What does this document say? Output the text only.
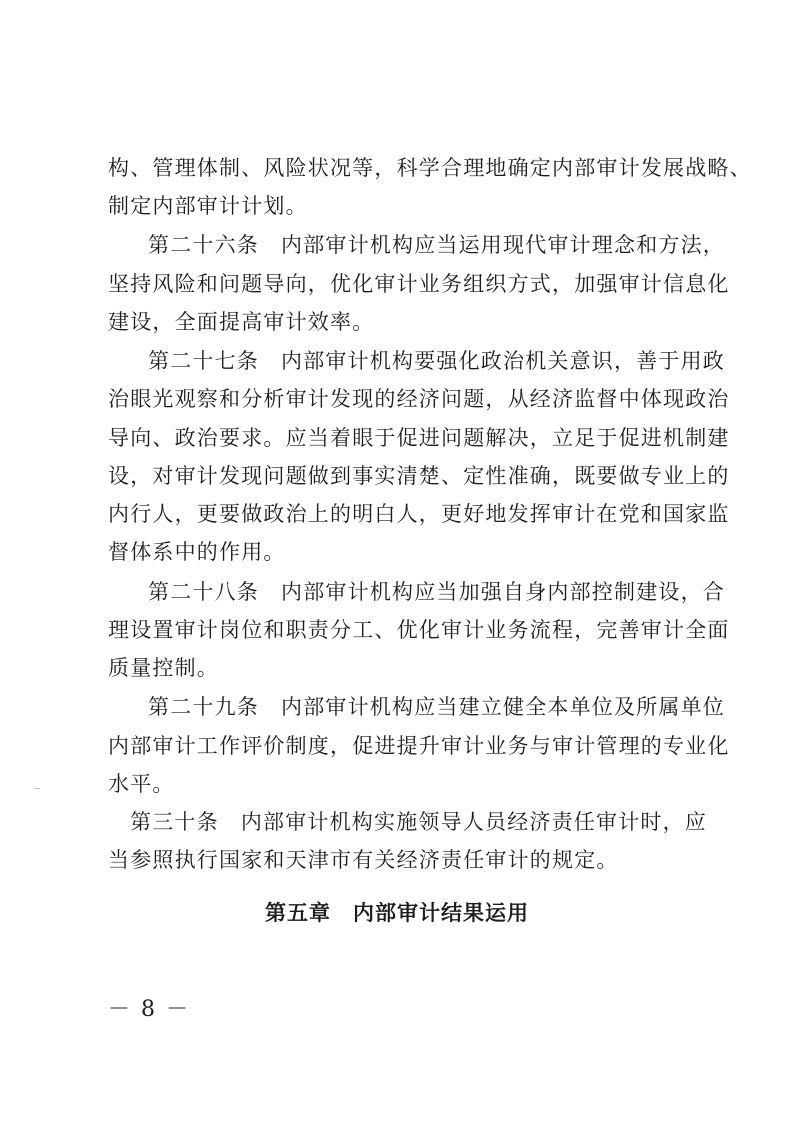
构、管理体制、风险状况等，科学合理地确定内部审计发展战略、
制定内部审计计划。
第二十六条 内部审计机构应当运用现代审计理念和方法，
坚持风险和问题导向，优化审计业务组织方式，加强审计信息化
建设，全面提高审计效率。
第二十七条 内部审计机构要强化政治机关意识，善于用政
治眼光观察和分析审计发现的经济问题，从经济监督中体现政治
导向、政治要求。应当着眼于促进问题解决，立足于促进机制建
设，对审计发现问题做到事实清楚、定性准确，既要做专业上的
内行人，更要做政治上的明白人，更好地发挥审计在党和国家监
督体系中的作用。
第二十八条 内部审计机构应当加强自身内部控制建设，合
理设置审计岗位和职责分工、优化审计业务流程，完善审计全面
质量控制。
第二十九条 内部审计机构应当建立健全本单位及所属单位
内部审计工作评价制度，促进提升审计业务与审计管理的专业化
水平。
第三十条 内部审计机构实施领导人员经济责任审计时，应
当参照执行国家和天津市有关经济责任审计的规定。
第五章　内部审计结果运用
－ 8 －
